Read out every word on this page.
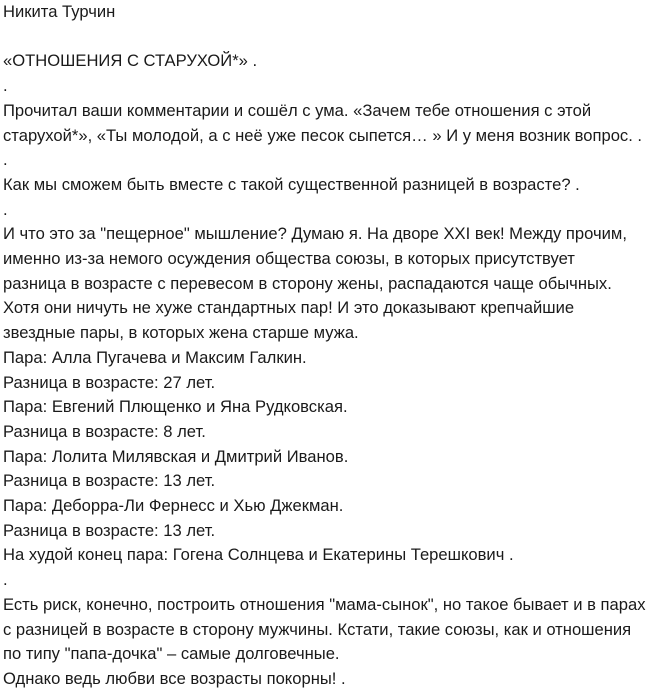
Никита Турчин

«ОТНОШЕНИЯ С СТАРУХОЙ*» .
.
Прочитал ваши комментарии и сошёл с ума. «Зачем тебе отношения с этой
старухой*», «Ты молодой, а с неё уже песок сыпется… » И у меня возник вопрос. .
.
Как мы сможем быть вместе с такой существенной разницей в возрасте? .
.
И что это за "пещерное" мышление? Думаю я. На дворе XXI век! Между прочим,
именно из-за немого осуждения общества союзы, в которых присутствует
разница в возрасте с перевесом в сторону жены, распадаются чаще обычных.
Хотя они ничуть не хуже стандартных пар! И это доказывают крепчайшие
звездные пары, в которых жена старше мужа.
Пара: Алла Пугачева и Максим Галкин.
Разница в возрасте: 27 лет.
Пара: Евгений Плющенко и Яна Рудковская.
Разница в возрасте: 8 лет.
Пара: Лолита Милявская и Дмитрий Иванов.
Разница в возрасте: 13 лет.
Пара: Деборра-Ли Фернесс и Хью Джекман.
Разница в возрасте: 13 лет.
На худой конец пара: Гогена Солнцева и Екатерины Терешкович .
.
Есть риск, конечно, построить отношения "мама-сынок", но такое бывает и в парах
с разницей в возрасте в сторону мужчины. Кстати, такие союзы, как и отношения
по типу "папа-дочка" – самые долговечные.
Однако ведь любви все возрасты покорны! .
